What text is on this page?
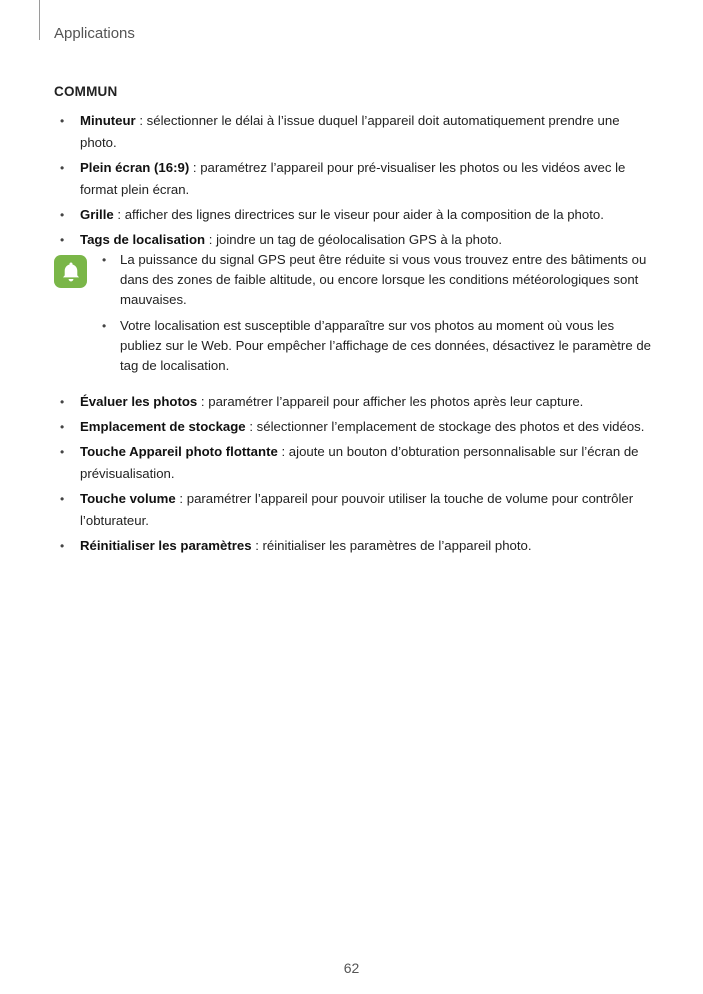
Applications
COMMUN
• Minuteur : sélectionner le délai à l’issue duquel l’appareil doit automatiquement prendre une photo.
• Plein écran (16:9) : paramétrez l’appareil pour pré-visualiser les photos ou les vidéos avec le format plein écran.
• Grille : afficher des lignes directrices sur le viseur pour aider à la composition de la photo.
• Tags de localisation : joindre un tag de géolocalisation GPS à la photo.
• La puissance du signal GPS peut être réduite si vous vous trouvez entre des bâtiments ou dans des zones de faible altitude, ou encore lorsque les conditions météorologiques sont mauvaises.
• Votre localisation est susceptible d’apparaître sur vos photos au moment où vous les publiez sur le Web. Pour empêcher l’affichage de ces données, désactivez le paramètre de tag de localisation.
• Évaluer les photos : paramétrer l’appareil pour afficher les photos après leur capture.
• Emplacement de stockage : sélectionner l’emplacement de stockage des photos et des vidéos.
• Touche Appareil photo flottante : ajoute un bouton d’obturation personnalisable sur l’écran de prévisualisation.
• Touche volume : paramétrer l’appareil pour pouvoir utiliser la touche de volume pour contrôler l’obturateur.
• Réinitialiser les paramètres : réinitialiser les paramètres de l’appareil photo.
62
